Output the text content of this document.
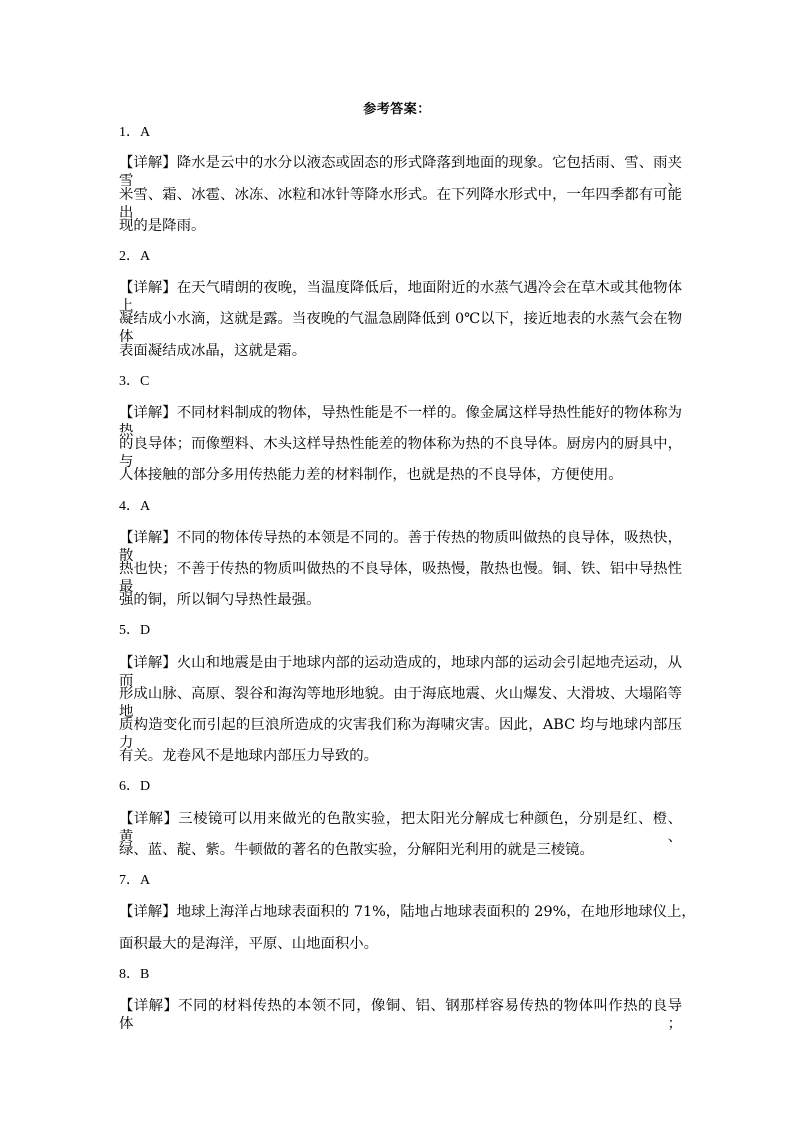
参考答案：
1．A
【详解】降水是云中的水分以液态或固态的形式降落到地面的现象。它包括雨、雪、雨夹雪、
米雪、霜、冰雹、冰冻、冰粒和冰针等降水形式。在下列降水形式中，一年四季都有可能出
现的是降雨。
2．A
【详解】在天气晴朗的夜晚，当温度降低后，地面附近的水蒸气遇冷会在草木或其他物体上
凝结成小水滴，这就是露。当夜晚的气温急剧降低到 0℃以下，接近地表的水蒸气会在物体
表面凝结成冰晶，这就是霜。
3．C
【详解】不同材料制成的物体，导热性能是不一样的。像金属这样导热性能好的物体称为热
的良导体；而像塑料、木头这样导热性能差的物体称为热的不良导体。厨房内的厨具中，与
人体接触的部分多用传热能力差的材料制作，也就是热的不良导体，方便使用。
4．A
【详解】不同的物体传导热的本领是不同的。善于传热的物质叫做热的良导体，吸热快，散
热也快；不善于传热的物质叫做热的不良导体，吸热慢，散热也慢。铜、铁、铝中导热性最
强的铜，所以铜勺导热性最强。
5．D
【详解】火山和地震是由于地球内部的运动造成的，地球内部的运动会引起地壳运动，从而
形成山脉、高原、裂谷和海沟等地形地貌。由于海底地震、火山爆发、大滑坡、大塌陷等地
质构造变化而引起的巨浪所造成的灾害我们称为海啸灾害。因此，ABC 均与地球内部压力
有关。龙卷风不是地球内部压力导致的。
6．D
【详解】三棱镜可以用来做光的色散实验，把太阳光分解成七种颜色，分别是红、橙、黄、
绿、蓝、靛、紫。牛顿做的著名的色散实验，分解阳光利用的就是三棱镜。
7．A
【详解】地球上海洋占地球表面积的 71%，陆地占地球表面积的 29%，在地形地球仪上，
面积最大的是海洋，平原、山地面积小。
8．B
【详解】不同的材料传热的本领不同，像铜、铝、钢那样容易传热的物体叫作热的良导体；
